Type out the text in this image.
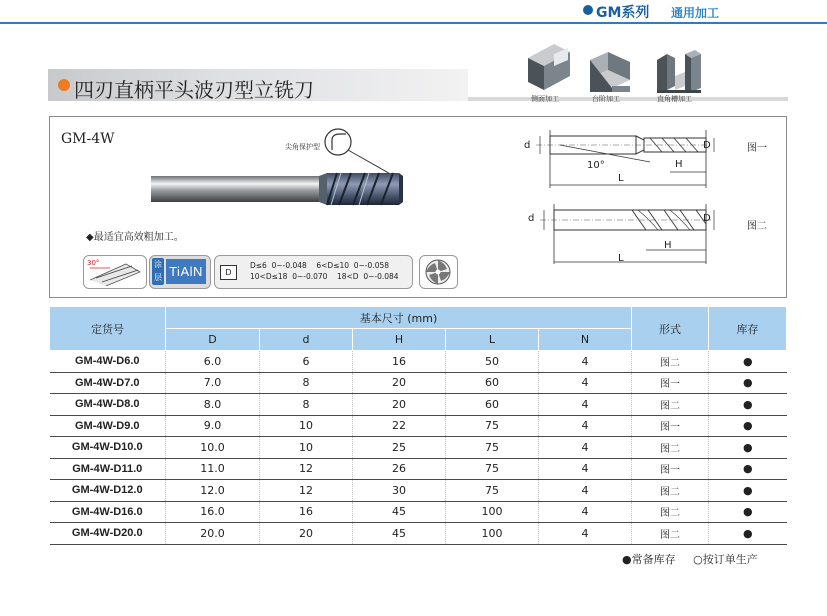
GM系列 通用加工
四刃直柄平头波刃型立铣刀	侧面加工	台阶加工	直角槽加工
GM-4W	尖角保护型
◆最适宜高效粗加工。
d	D
10°	H
L
图一
d	D
H
L
图二
30°	涂层 TiAlN	D
D≤6  0~-0.048    6<D≤10  0~-0.058
10<D≤18  0~-0.070    18<D  0~-0.084
定货号	基本尺寸 (mm)					形式	库存
	D	d	H	L	N		
GM-4W-D6.0	6.0	6	16	50	4	图二	●
GM-4W-D7.0	7.0	8	20	60	4	图一	●
GM-4W-D8.0	8.0	8	20	60	4	图二	●
GM-4W-D9.0	9.0	10	22	75	4	图一	●
GM-4W-D10.0	10.0	10	25	75	4	图二	●
GM-4W-D11.0	11.0	12	26	75	4	图一	●
GM-4W-D12.0	12.0	12	30	75	4	图二	●
GM-4W-D16.0	16.0	16	45	100	4	图二	●
GM-4W-D20.0	20.0	20	45	100	4	图二	●
●常备库存 ○按订单生产
